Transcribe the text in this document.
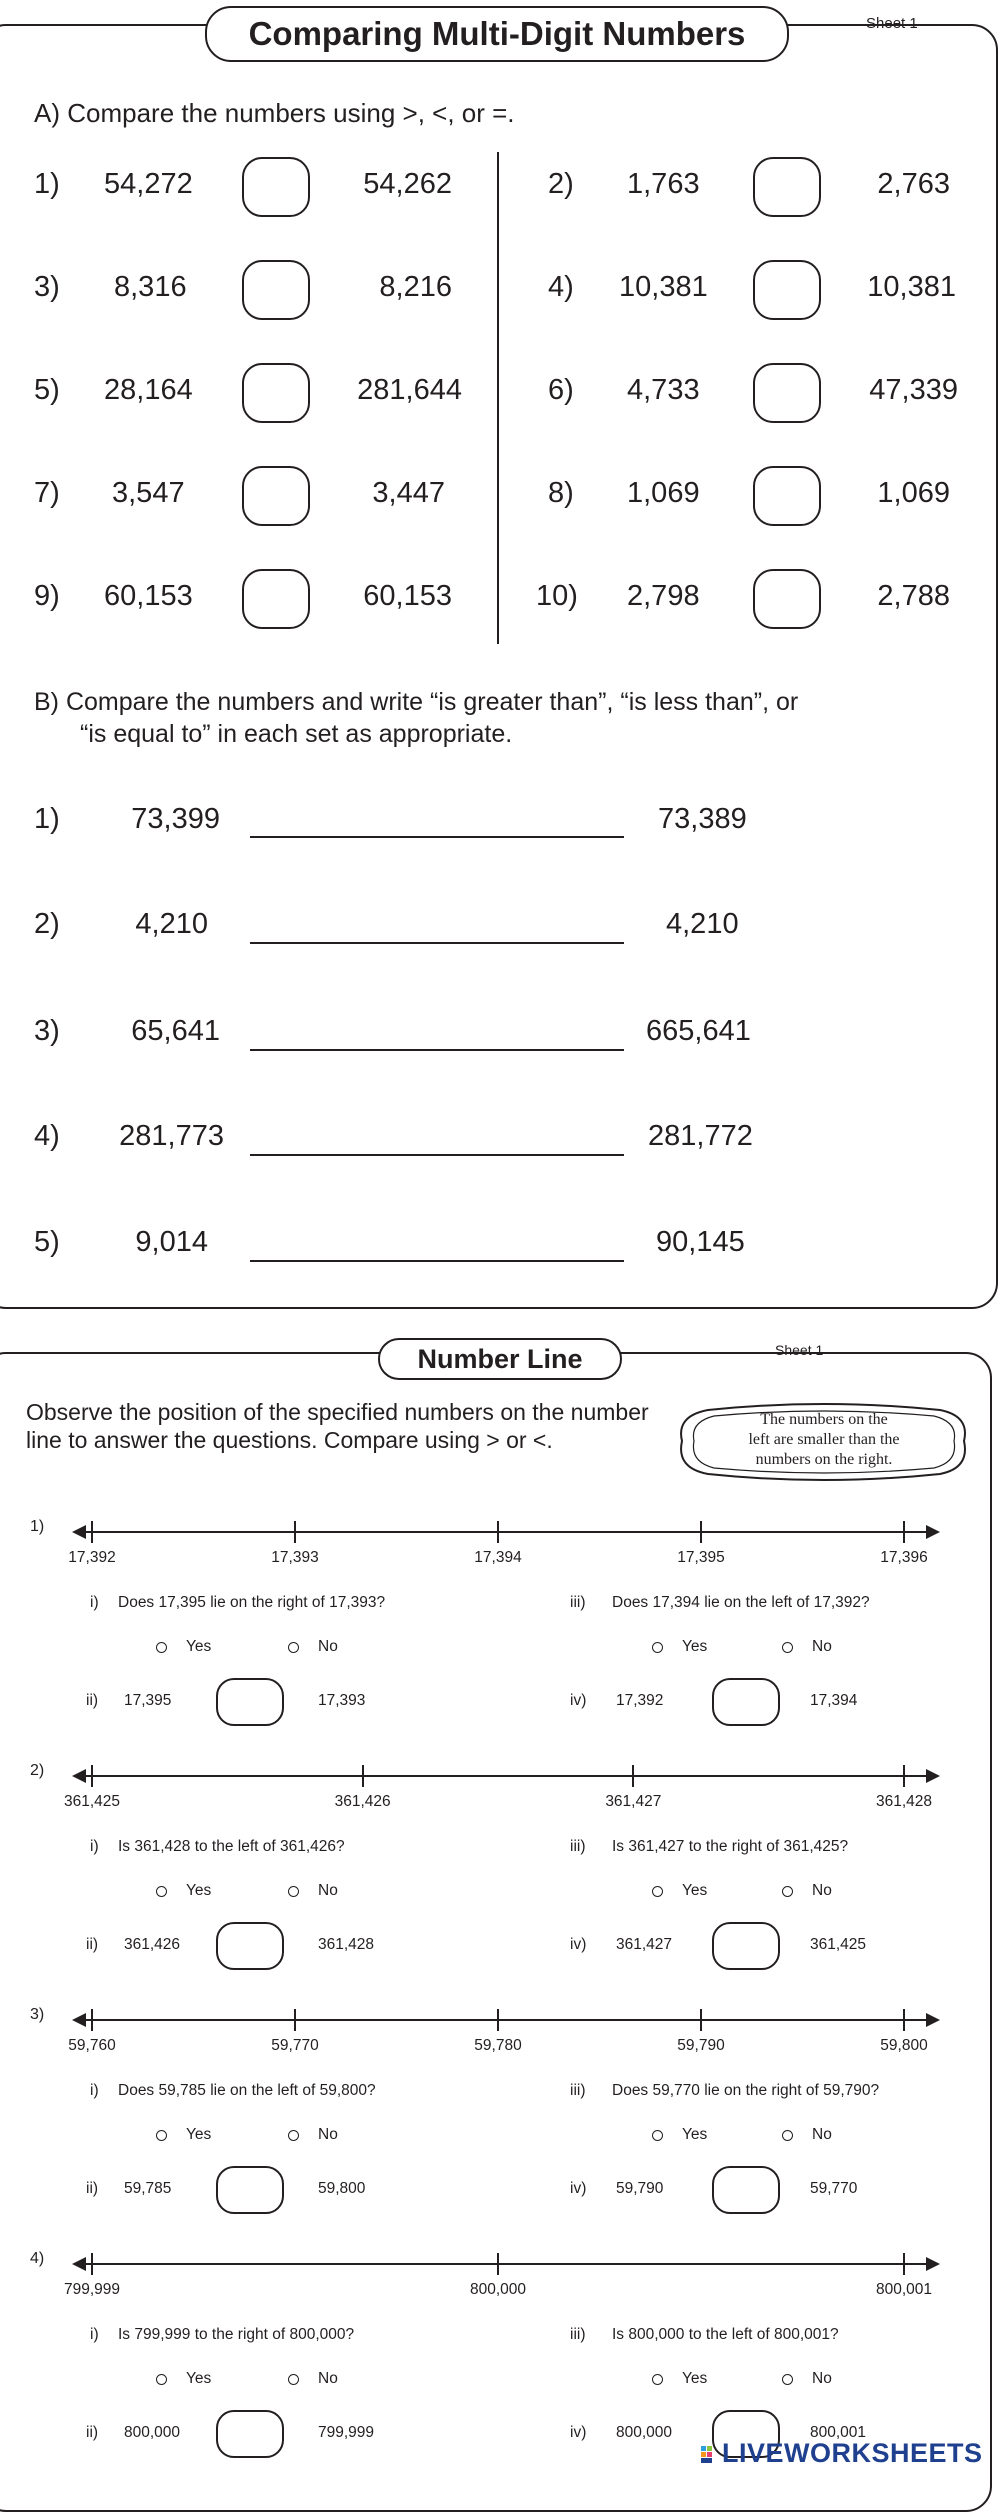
Comparing Multi-Digit Numbers	Sheet 1
A) Compare the numbers using >, <, or =.
1) 54,272	54,262
3) 8,316	8,216
5) 28,164	281,644
7) 3,547	3,447
9) 60,153	60,153
2) 1,763	2,763
4) 10,381	10,381
6) 4,733	47,339
8) 1,069	1,069
10) 2,798	2,788
B) Compare the numbers and write “is greater than”, “is less than”, or
“is equal to” in each set as appropriate.
1)	73,399	73,389
2)	4,210	4,210
3)	65,641	665,641
4)	281,773	281,772
5)	9,014	90,145
Number Line	Sheet 1
Observe the position of the specified numbers on the number line to answer the questions. Compare using > or <.
The numbers on the
left are smaller than the
numbers on the right.
1)
17,392	17,393	17,394	17,395	17,396
i) Does 17,395 lie on the right of 17,393?	iii) Does 17,394 lie on the left of 17,392?
Yes	No	Yes	No
ii) 17,395	17,393	iv) 17,392	17,394
2)
361,425	361,426	361,427	361,428
i) Is 361,428 to the left of 361,426?	iii) Is 361,427 to the right of 361,425?
Yes	No	Yes	No
ii) 361,426	361,428	iv) 361,427	361,425
3)
59,760	59,770	59,780	59,790	59,800
i) Does 59,785 lie on the left of 59,800?	iii) Does 59,770 lie on the right of 59,790?
Yes	No	Yes	No
ii) 59,785	59,800	iv) 59,790	59,770
4)
799,999	800,000	800,001
i) Is 799,999 to the right of 800,000?	iii) Is 800,000 to the left of 800,001?
Yes	No	Yes	No
ii) 800,000	799,999	iv) 800,000	800,001
LIVEWORKSHEETS
